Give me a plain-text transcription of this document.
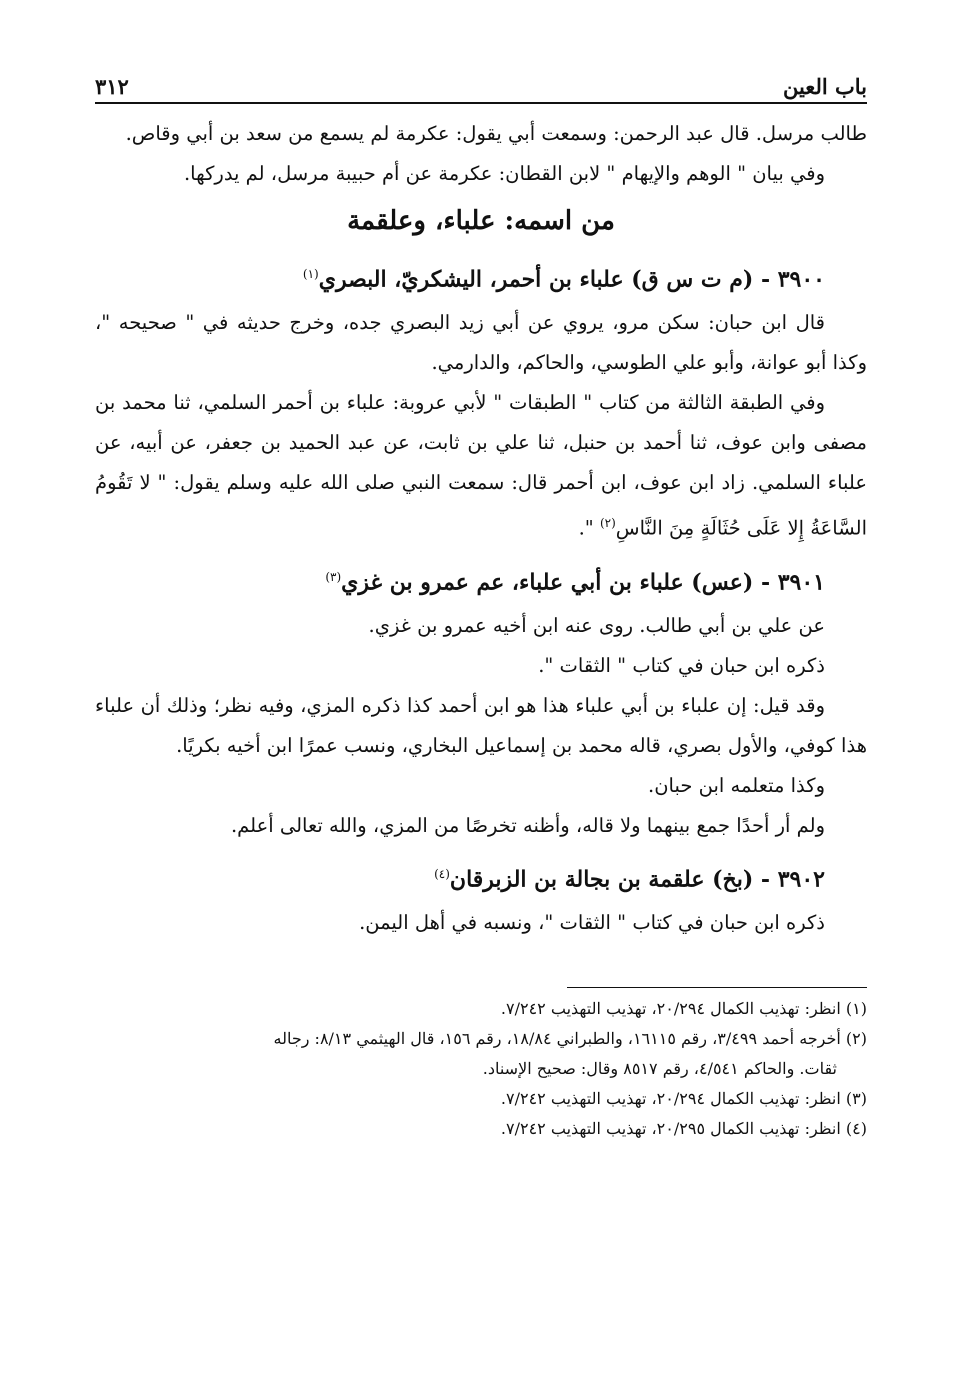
باب العين
٣١٢

طالب مرسل. قال عبد الرحمن: وسمعت أبي يقول: عكرمة لم يسمع من سعد بن أبي وقاص.

وفي بيان " الوهم والإيهام " لابن القطان: عكرمة عن أم حبيبة مرسل، لم يدركها.

من اسمه: علباء، وعلقمة
٣٩٠٠ - (م ت س ق) علباء بن أحمر، اليشكريّ، البصري$^{(١)}$

قال ابن حبان: سكن مرو، يروي عن أبي زيد البصري جده، وخرج حديثه في " صحيحه "، وكذا أبو عوانة، وأبو علي الطوسي، والحاكم، والدارمي.

وفي الطبقة الثالثة من كتاب " الطبقات " لأبي عروبة: علباء بن أحمر السلمي، ثنا محمد بن مصفى وابن عوف، ثنا أحمد بن حنبل، ثنا علي بن ثابت، عن عبد الحميد بن جعفر، عن أبيه، عن علباء السلمي. زاد ابن عوف، ابن أحمر قال: سمعت النبي صلى الله عليه وسلم يقول: " لا تَقُومُ السَّاعَةُ إِلا عَلَى حُثَالَةٍ مِنَ النَّاسِ$^{(٢)}$ ".

٣٩٠١ - (عس) علباء بن أبي علباء، عم عمرو بن غزي$^{(٣)}$

عن علي بن أبي طالب. روى عنه ابن أخيه عمرو بن غزي.

ذكره ابن حبان في كتاب " الثقات ".

وقد قيل: إن علباء بن أبي علباء هذا هو ابن أحمد كذا ذكره المزي، وفيه نظر؛ وذلك أن علباء هذا كوفي، والأول بصري، قاله محمد بن إسماعيل البخاري، ونسب عمرًا ابن أخيه بكريًا.

وكذا متعلمه ابن حبان.

ولم أر أحدًا جمع بينهما ولا قاله، وأظنه تخرصًا من المزي، والله تعالى أعلم.

٣٩٠٢ - (بخ) علقمة بن بجالة بن الزبرقان$^{(٤)}$

ذكره ابن حبان في كتاب " الثقات "، ونسبه في أهل اليمن.

(١) انظر: تهذيب الكمال ٢٠/٢٩٤، تهذيب التهذيب ٧/٢٤٢.

(٢) أخرجه أحمد ٣/٤٩٩، رقم ١٦١١٥، والطبراني ١٨/٨٤، رقم ١٥٦، قال الهيثمي ٨/١٣: رجاله

ثقات. والحاكم ٤/٥٤١، رقم ٨٥١٧ وقال: صحيح الإسناد.

(٣) انظر: تهذيب الكمال ٢٠/٢٩٤، تهذيب التهذيب ٧/٢٤٢.

(٤) انظر: تهذيب الكمال ٢٠/٢٩٥، تهذيب التهذيب ٧/٢٤٢.
